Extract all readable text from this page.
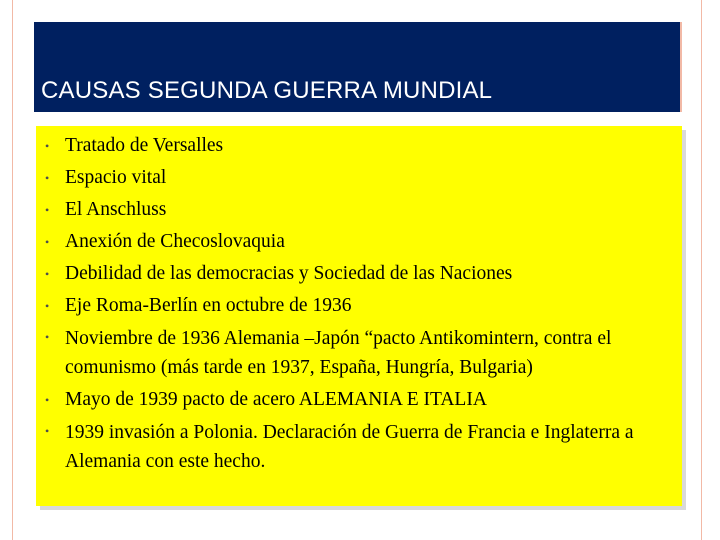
CAUSAS SEGUNDA GUERRA MUNDIAL
• Tratado de Versalles
• Espacio vital
• El Anschluss
• Anexión de Checoslovaquia
• Debilidad de las democracias y Sociedad de las Naciones
• Eje Roma-Berlín en octubre de 1936
• Noviembre de 1936 Alemania –Japón “pacto Antikomintern, contra el comunismo (más tarde en 1937, España, Hungría, Bulgaria)
• Mayo de 1939 pacto de acero ALEMANIA E ITALIA
• 1939 invasión a Polonia. Declaración de Guerra de Francia e Inglaterra a Alemania con este hecho.
